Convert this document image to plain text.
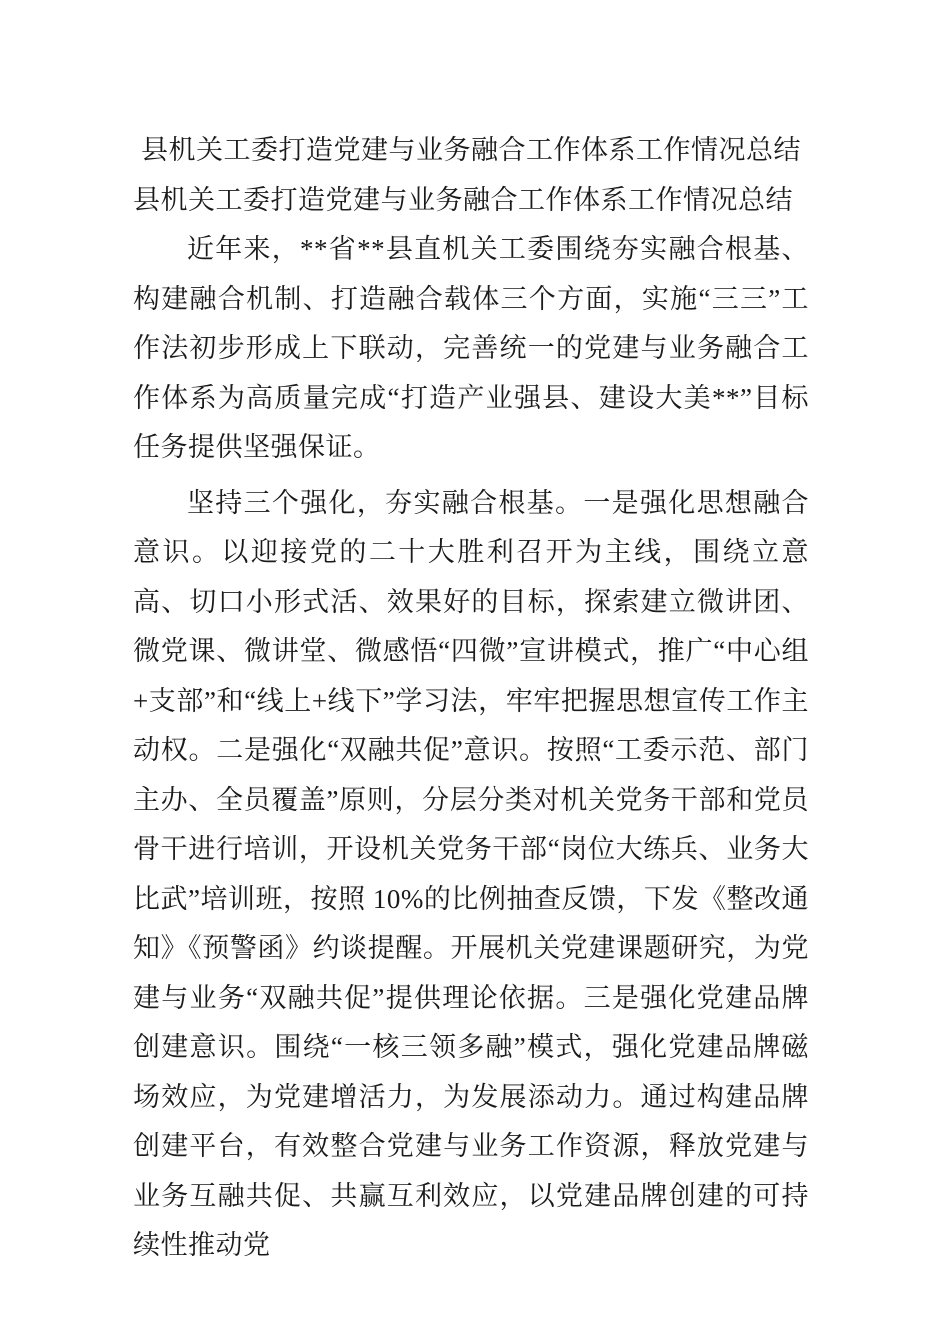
县机关工委打造党建与业务融合工作体系工作情况总结
县机关工委打造党建与业务融合工作体系工作情况总结

近年来，**省**县直机关工委围绕夯实融合根基、构建融合机制、打造融合载体三个方面，实施“三三”工作法初步形成上下联动，完善统一的党建与业务融合工作体系为高质量完成“打造产业强县、建设大美**”目标任务提供坚强保证。

坚持三个强化，夯实融合根基。一是强化思想融合意识。以迎接党的二十大胜利召开为主线，围绕立意高、切口小形式活、效果好的目标，探索建立微讲团、微党课、微讲堂、微感悟“四微”宣讲模式，推广“中心组+支部”和“线上+线下”学习法，牢牢把握思想宣传工作主动权。二是强化“双融共促”意识。按照“工委示范、部门主办、全员覆盖”原则，分层分类对机关党务干部和党员骨干进行培训，开设机关党务干部“岗位大练兵、业务大比武”培训班，按照 10%的比例抽查反馈，下发《整改通知》《预警函》约谈提醒。开展机关党建课题研究，为党建与业务“双融共促”提供理论依据。三是强化党建品牌创建意识。围绕“一核三领多融”模式，强化党建品牌磁场效应，为党建增活力，为发展添动力。通过构建品牌创建平台，有效整合党建与业务工作资源，释放党建与业务互融共促、共赢互利效应，以党建品牌创建的可持续性推动党
